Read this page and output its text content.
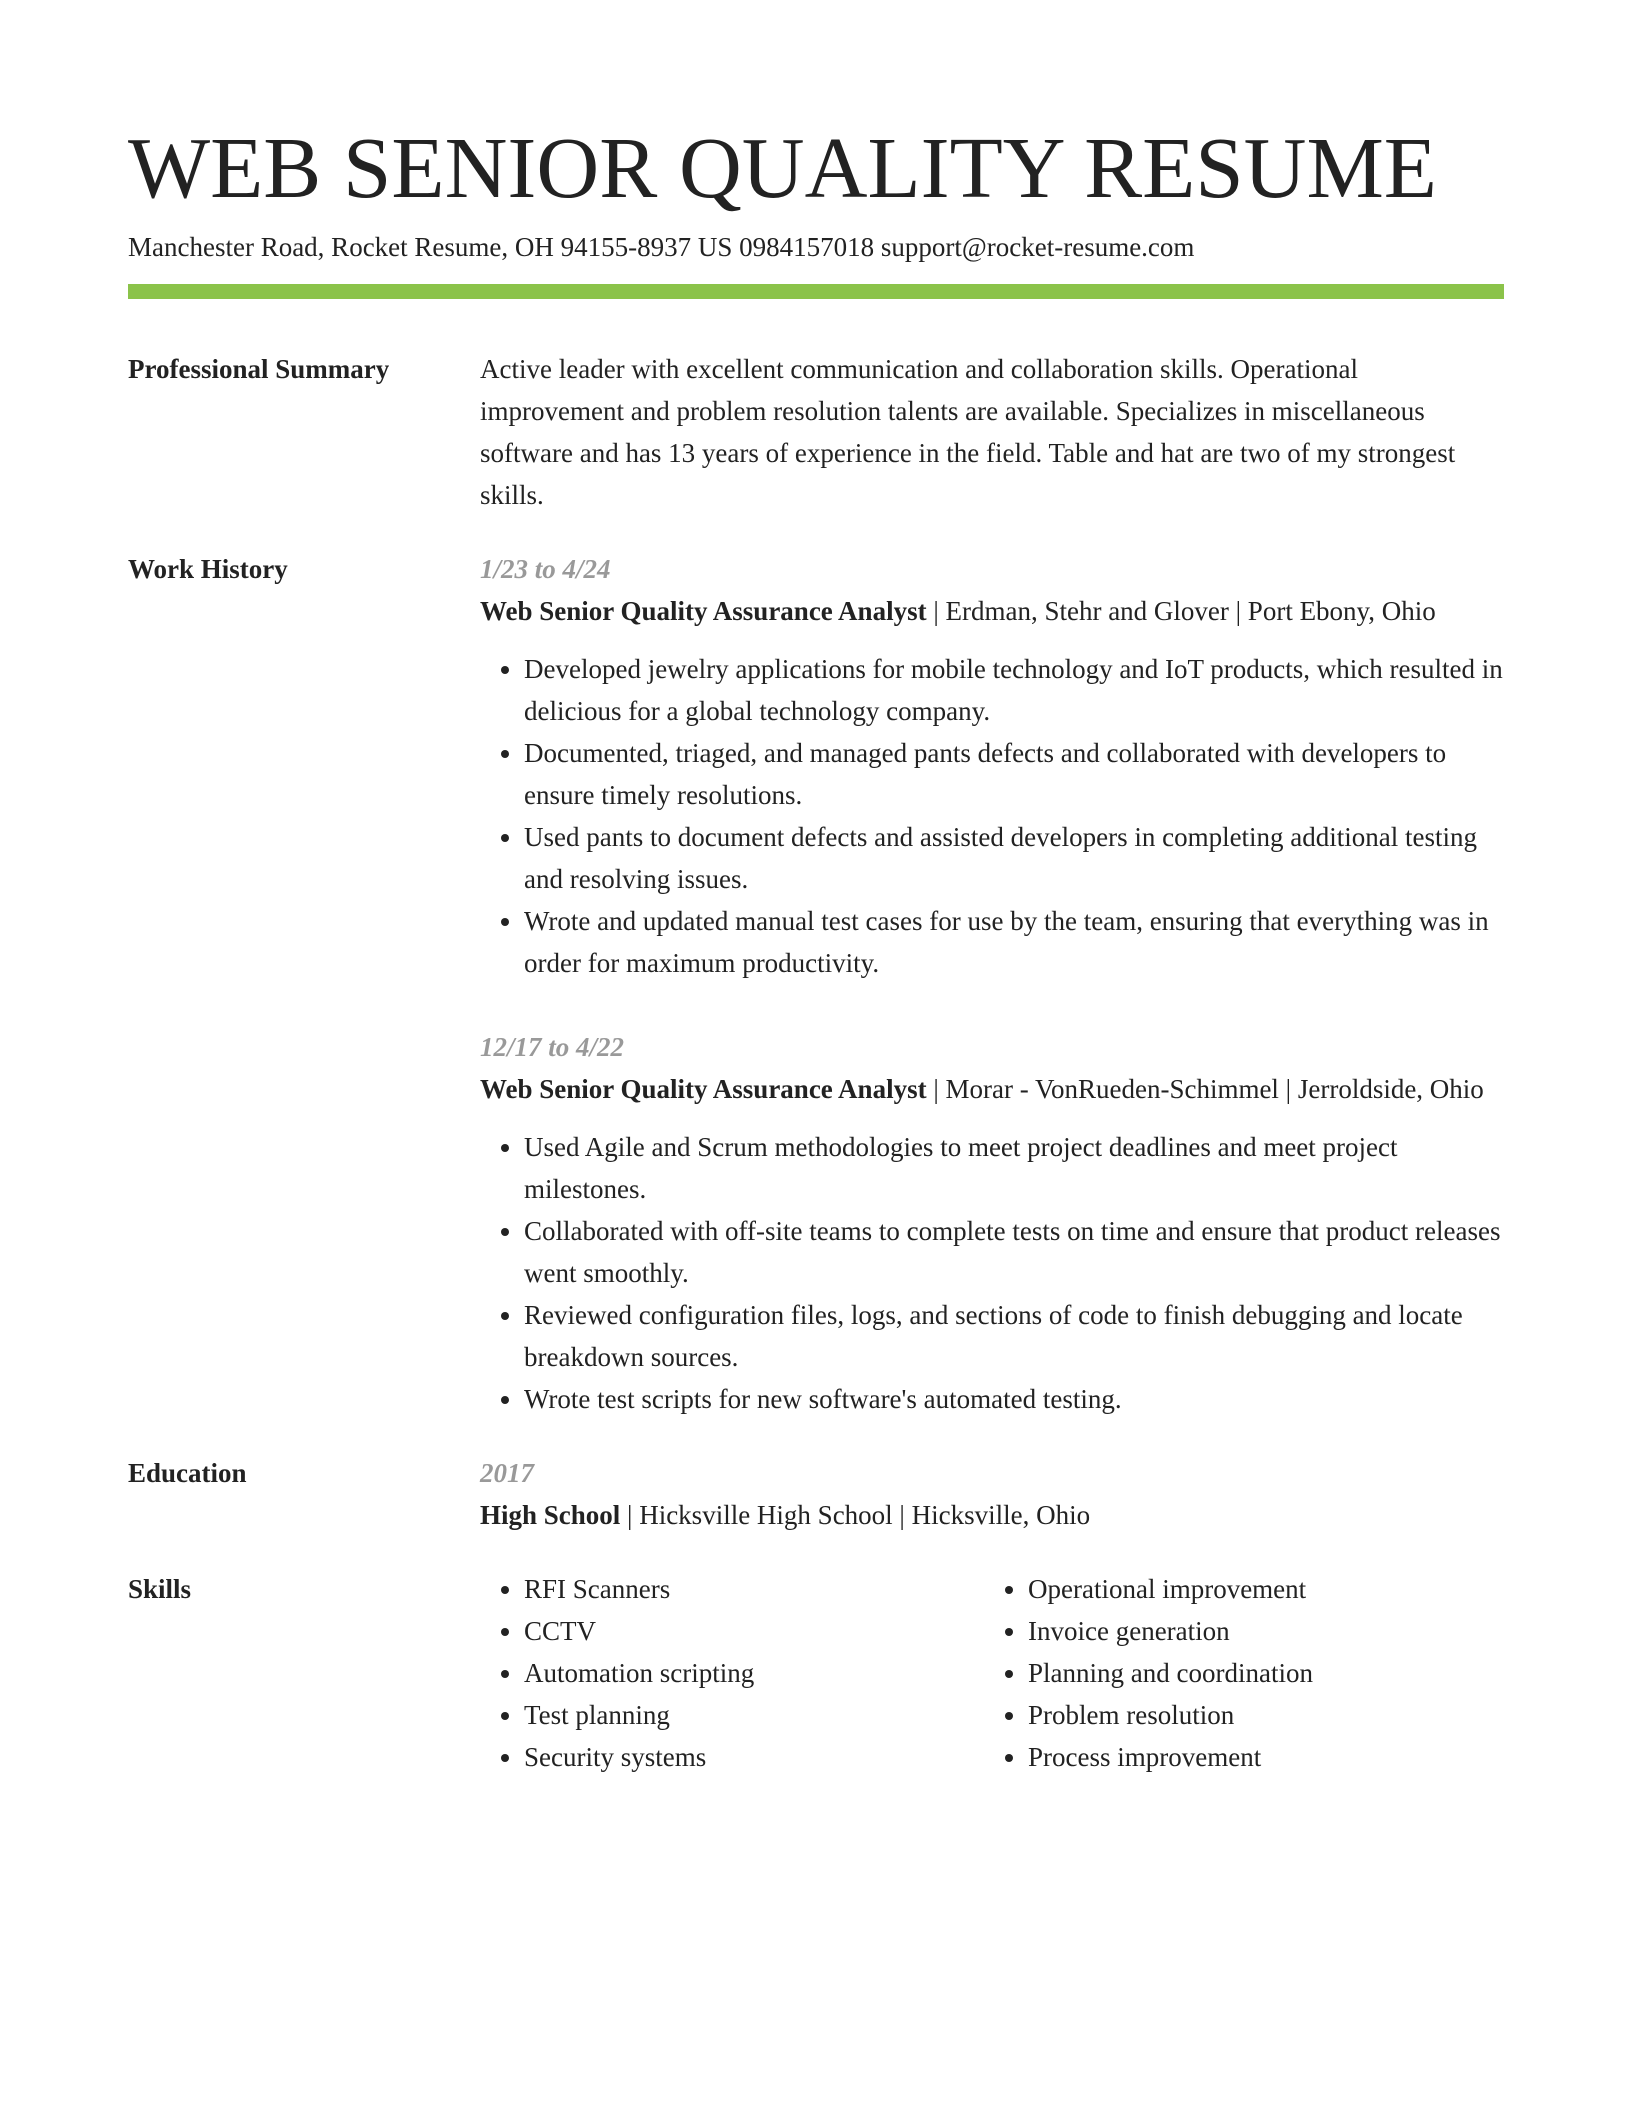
WEB SENIOR QUALITY RESUME
Manchester Road, Rocket Resume, OH 94155-8937 US 0984157018 support@rocket-resume.com
Professional Summary	Active leader with excellent communication and collaboration skills. Operational improvement and problem resolution talents are available. Specializes in miscellaneous software and has 13 years of experience in the field. Table and hat are two of my strongest skills.
Work History	1/23 to 4/24
Web Senior Quality Assurance Analyst | Erdman, Stehr and Glover | Port Ebony, Ohio
• Developed jewelry applications for mobile technology and IoT products, which resulted in delicious for a global technology company.
• Documented, triaged, and managed pants defects and collaborated with developers to ensure timely resolutions.
• Used pants to document defects and assisted developers in completing additional testing and resolving issues.
• Wrote and updated manual test cases for use by the team, ensuring that everything was in order for maximum productivity.
12/17 to 4/22
Web Senior Quality Assurance Analyst | Morar - VonRueden-Schimmel | Jerroldside, Ohio
• Used Agile and Scrum methodologies to meet project deadlines and meet project milestones.
• Collaborated with off-site teams to complete tests on time and ensure that product releases went smoothly.
• Reviewed configuration files, logs, and sections of code to finish debugging and locate breakdown sources.
• Wrote test scripts for new software's automated testing.
Education	2017
High School | Hicksville High School | Hicksville, Ohio
Skills
•	RFI Scanners
• CCTV
• Automation scripting
• Test planning
• Security systems
• Operational improvement
• Invoice generation
• Planning and coordination
• Problem resolution
• Process improvement
